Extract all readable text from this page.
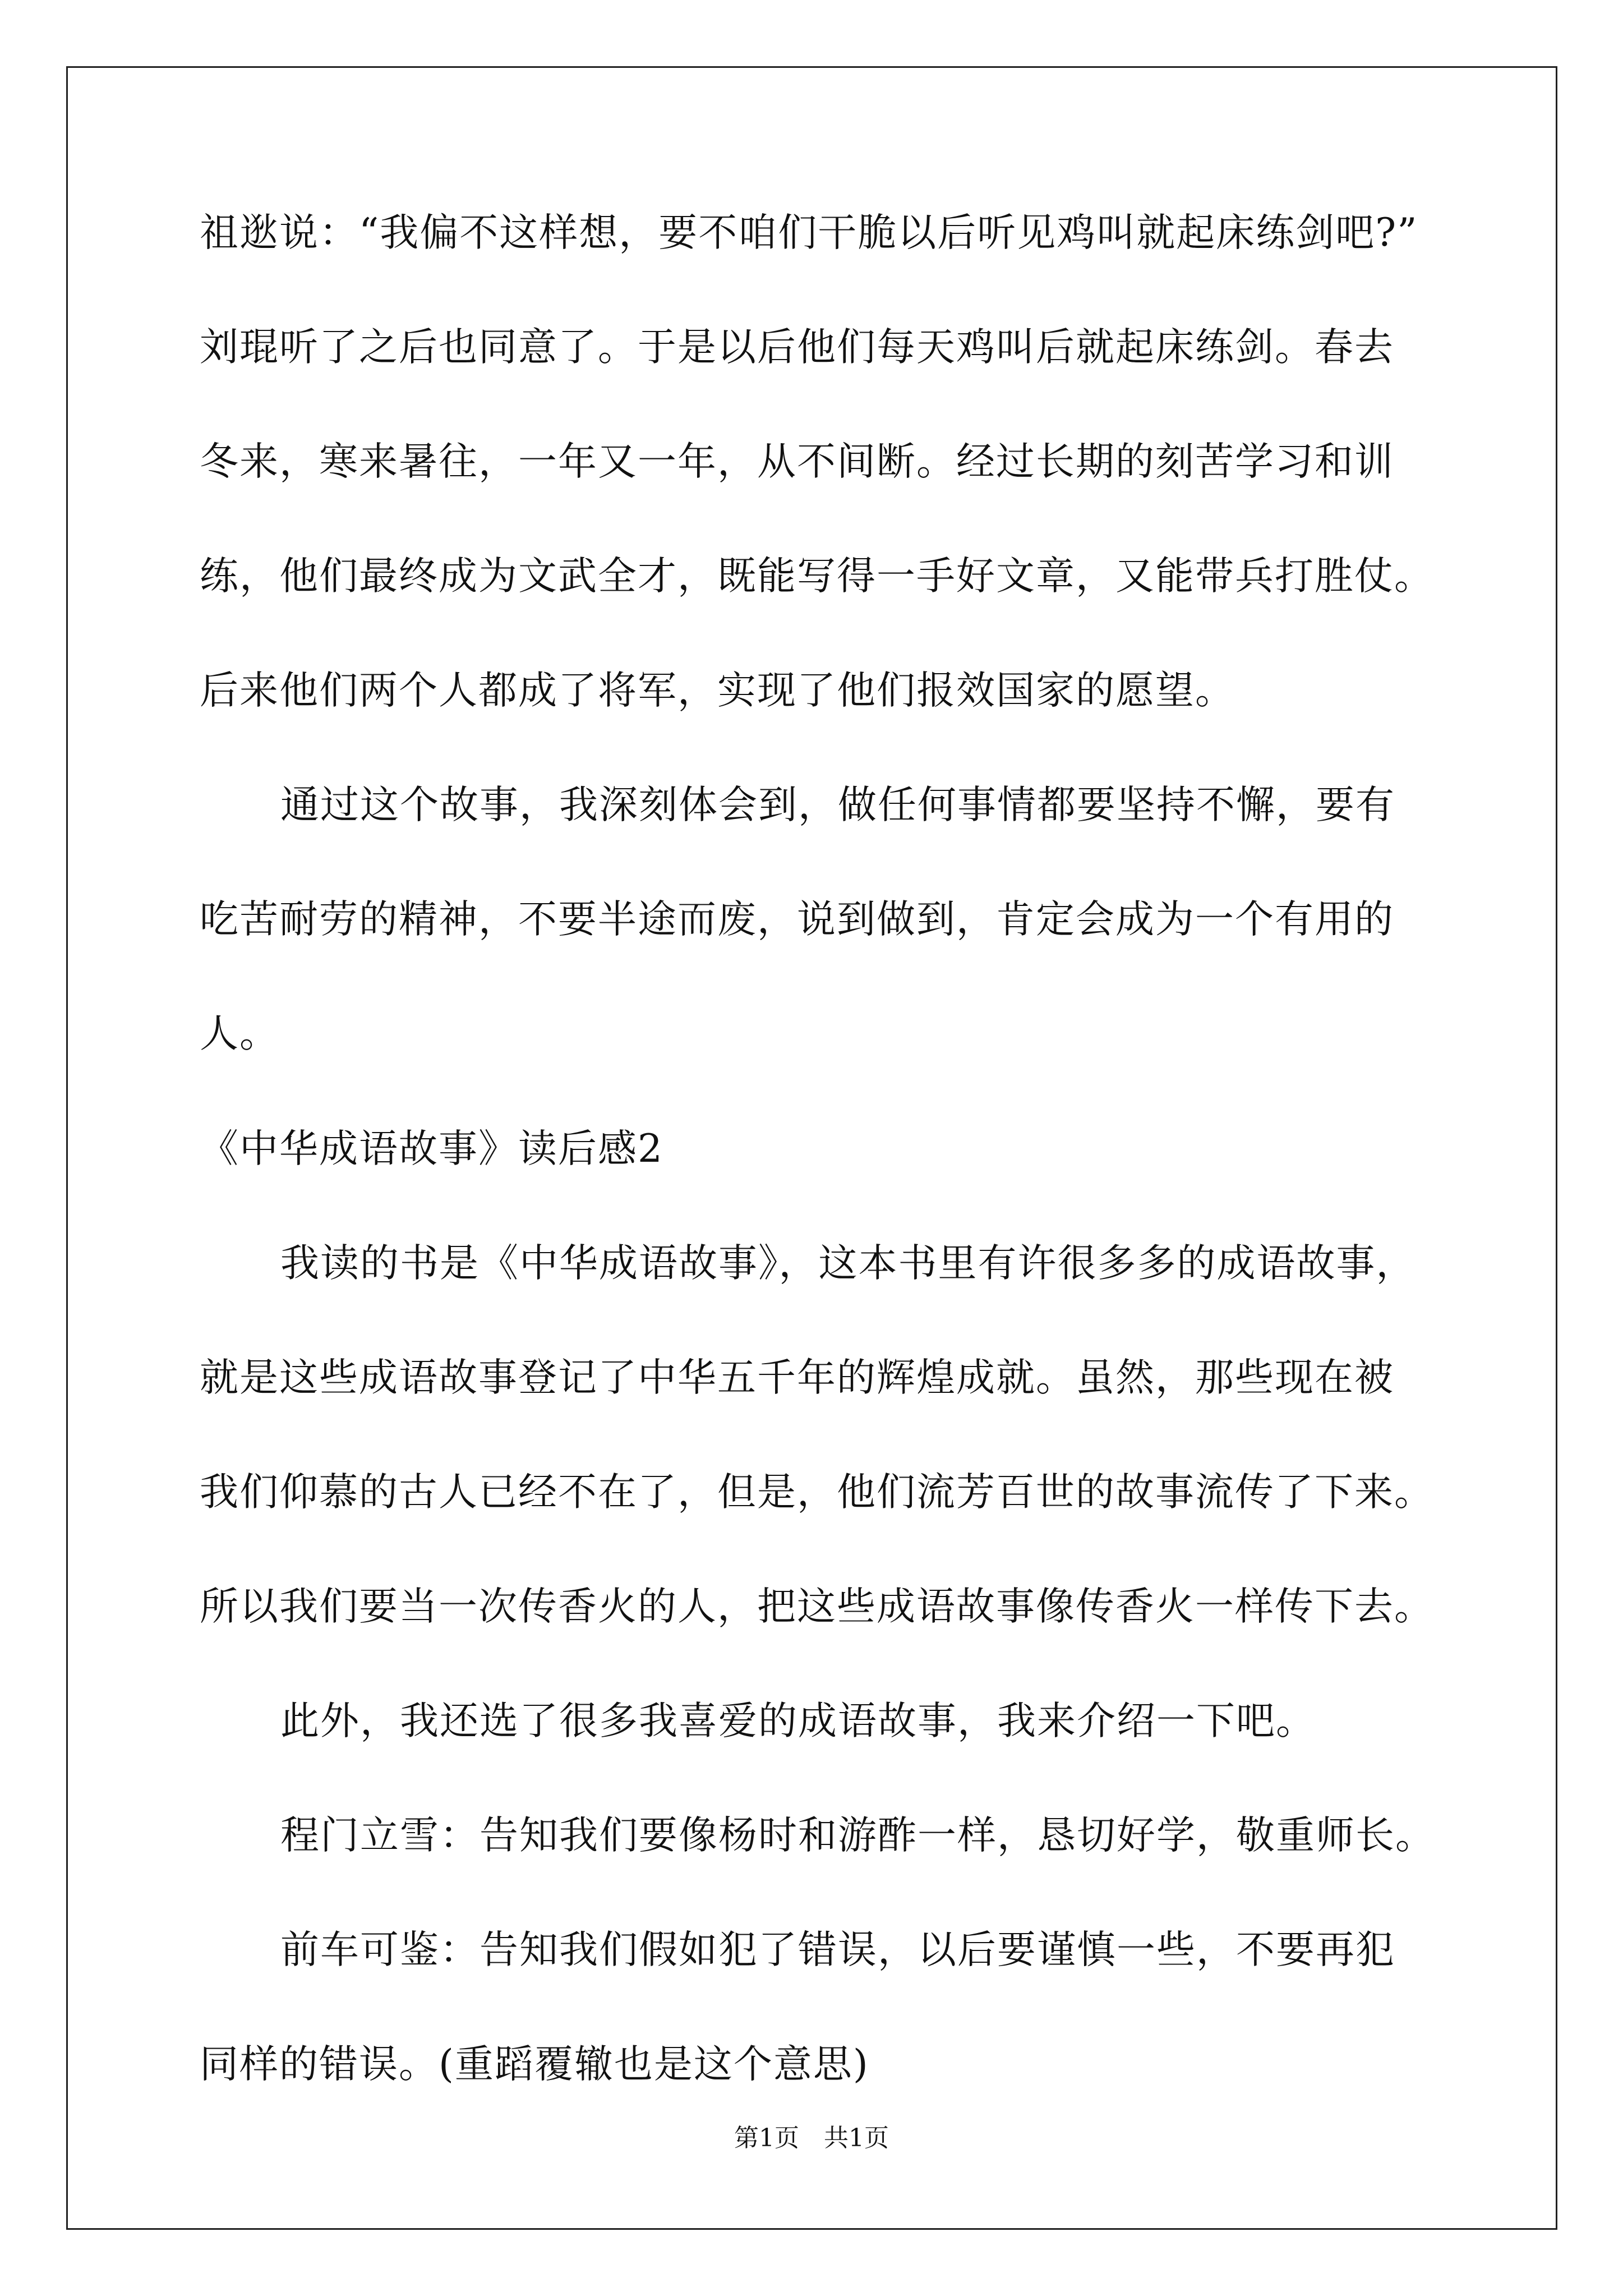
祖逖说：“我偏不这样想，要不咱们干脆以后听见鸡叫就起床练剑吧?”
刘琨听了之后也同意了。于是以后他们每天鸡叫后就起床练剑。春去
冬来，寒来暑往，一年又一年，从不间断。经过长期的刻苦学习和训
练，他们最终成为文武全才，既能写得一手好文章，又能带兵打胜仗。
后来他们两个人都成了将军，实现了他们报效国家的愿望。
通过这个故事，我深刻体会到，做任何事情都要坚持不懈，要有
吃苦耐劳的精神，不要半途而废，说到做到，肯定会成为一个有用的
人。
《中华成语故事》读后感2
我读的书是《中华成语故事》，这本书里有许很多多的成语故事，
就是这些成语故事登记了中华五千年的辉煌成就。虽然，那些现在被
我们仰慕的古人已经不在了，但是，他们流芳百世的故事流传了下来。
所以我们要当一次传香火的人，把这些成语故事像传香火一样传下去。
此外，我还选了很多我喜爱的成语故事，我来介绍一下吧。
程门立雪：告知我们要像杨时和游酢一样，恳切好学，敬重师长。
前车可鉴：告知我们假如犯了错误，以后要谨慎一些，不要再犯
同样的错误。(重蹈覆辙也是这个意思)
第1页　共1页
